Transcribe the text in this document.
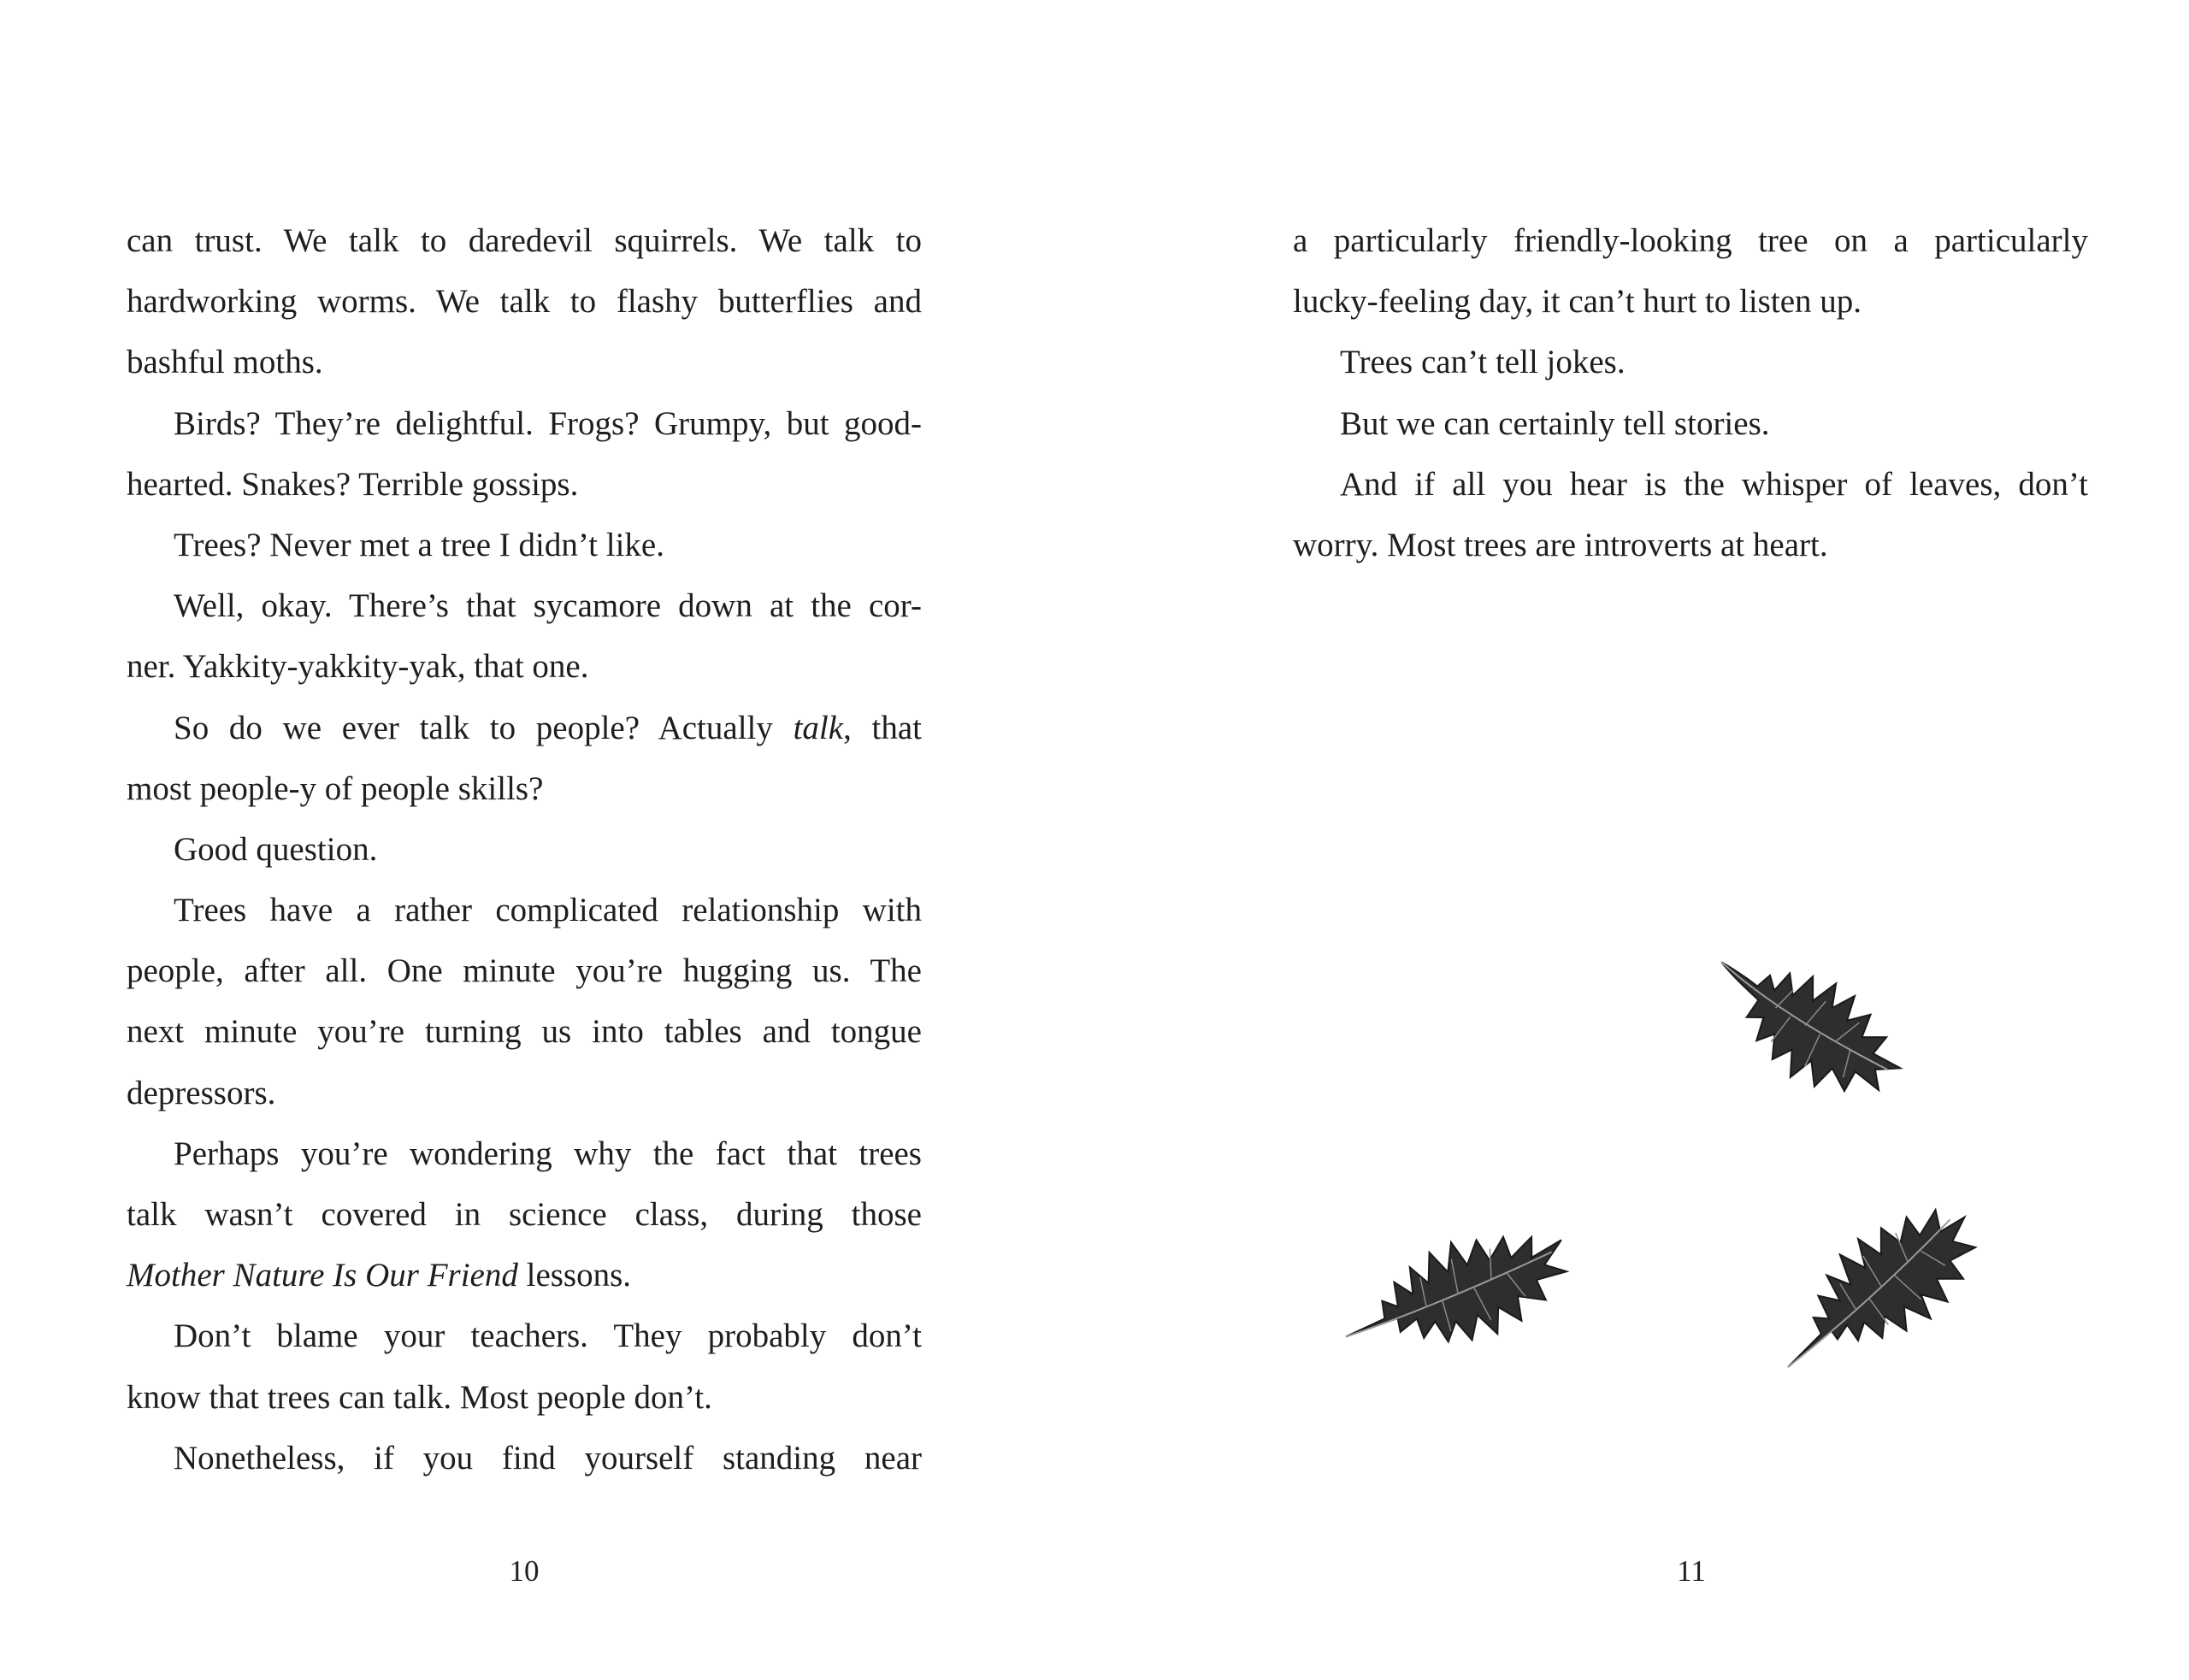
can trust. We talk to daredevil squirrels. We talk to
hardworking worms. We talk to flashy butterflies and
bashful moths.
Birds? They’re delightful. Frogs? Grumpy, but good-
hearted. Snakes? Terrible gossips.
Trees? Never met a tree I didn’t like.
Well, okay. There’s that sycamore down at the cor-
ner. Yakkity-yakkity-yak, that one.
So do we ever talk to people? Actually talk, that
most people-y of people skills?
Good question.
Trees have a rather complicated relationship with
people, after all. One minute you’re hugging us. The
next minute you’re turning us into tables and tongue
depressors.
Perhaps you’re wondering why the fact that trees
talk wasn’t covered in science class, during those
Mother Nature Is Our Friend lessons.
Don’t blame your teachers. They probably don’t
know that trees can talk. Most people don’t.
Nonetheless, if you find yourself standing near
10
a particularly friendly-looking tree on a particularly
lucky-feeling day, it can’t hurt to listen up.
Trees can’t tell jokes.
But we can certainly tell stories.
And if all you hear is the whisper of leaves, don’t
worry. Most trees are introverts at heart.
11
